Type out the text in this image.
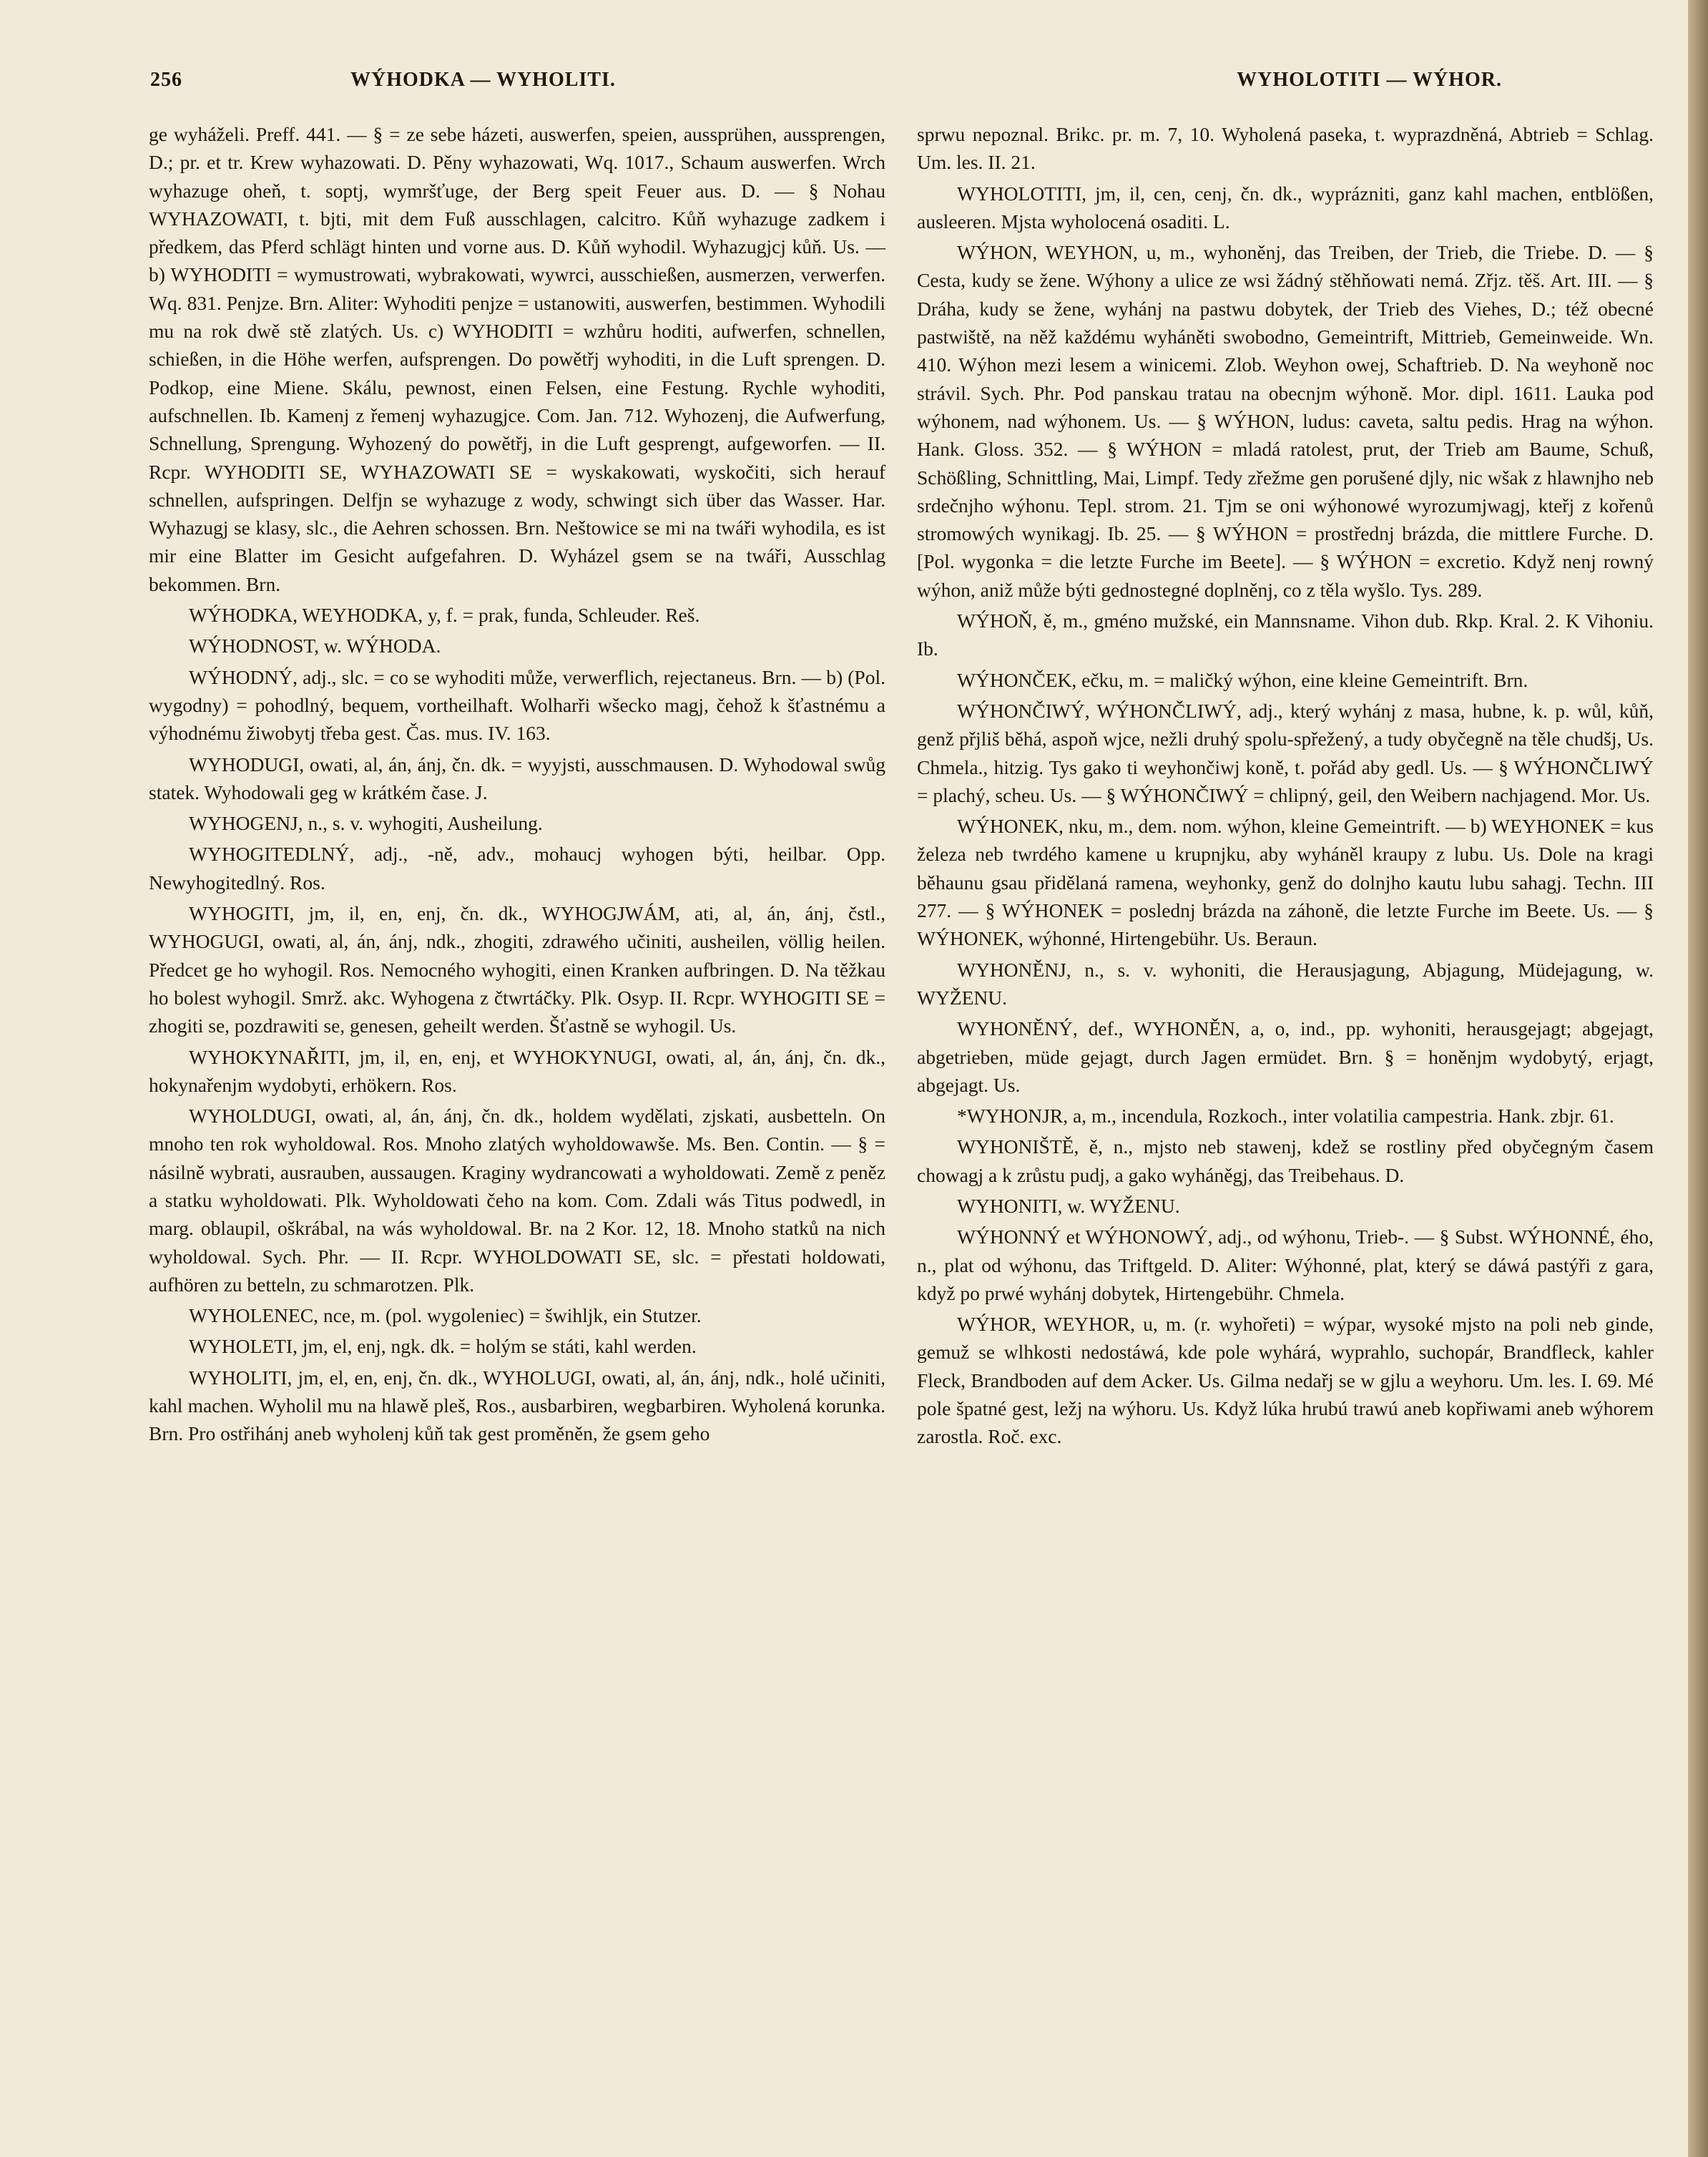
256	WÝHODKA — WYHOLITI.	WYHOLOTITI — WÝHOR.

ge wyháželi. Preff. 441. — § = ze sebe házeti, auswerfen, speien, aussprühen, aussprengen, D.; pr. et tr. Krew wyhazowati. D. Pěny wyhazowati, Wq. 1017., Schaum auswerfen. Wrch wyhazuge oheň, t. soptj, wymršťuge, der Berg speit Feuer aus. D. — § Nohau WYHAZOWATI, t. bjti, mit dem Fuß ausschlagen, calcitro. Kůň wyhazuge zadkem i předkem, das Pferd schlägt hinten und vorne aus. D. Kůň wyhodil. Wyhazugjcj kůň. Us. — b) WYHODITI = wymustrowati, wybrakowati, wywrci, ausschießen, ausmerzen, verwerfen. Wq. 831. Penjze. Brn. Aliter: Wyhoditi penjze = ustanowiti, auswerfen, bestimmen. Wyhodili mu na rok dwě stě zlatých. Us. c) WYHODITI = wzhůru hoditi, aufwerfen, schnellen, schießen, in die Höhe werfen, aufsprengen. Do powětřj wyhoditi, in die Luft sprengen. D. Podkop, eine Miene. Skálu, pewnost, einen Felsen, eine Festung. Rychle wyhoditi, aufschnellen. Ib. Kamenj z řemenj wyhazugjce. Com. Jan. 712. Wyhozenj, die Aufwerfung, Schnellung, Sprengung. Wyhozený do powětřj, in die Luft gesprengt, aufgeworfen. — II. Rcpr. WYHODITI SE, WYHAZOWATI SE = wyskakowati, wyskočiti, sich herauf schnellen, aufspringen. Delfjn se wyhazuge z wody, schwingt sich über das Wasser. Har. Wyhazugj se klasy, slc., die Aehren schossen. Brn. Neštowice se mi na twáři wyhodila, es ist mir eine Blatter im Gesicht aufgefahren. D. Wyházel gsem se na twáři, Ausschlag bekommen. Brn.

WÝHODKA, WEYHODKA, y, f. = prak, funda, Schleuder. Reš.

WÝHODNOST, w. WÝHODA.

WÝHODNÝ, adj., slc. = co se wyhoditi může, verwerflich, rejectaneus. Brn. — b) (Pol. wygodny) = pohodlný, bequem, vortheilhaft. Wolharři wšecko magj, čehož k šťastnému a výhodnému žiwobytj třeba gest. Čas. mus. IV. 163.

WYHODUGI, owati, al, án, ánj, čn. dk. = wyyjsti, ausschmausen. D. Wyhodowal swůg statek. Wyhodowali geg w krátkém čase. J.

WYHOGENJ, n., s. v. wyhogiti, Ausheilung.

WYHOGITEDLNÝ, adj., -ně, adv., mohaucj wyhogen býti, heilbar. Opp. Newyhogitedlný. Ros.

WYHOGITI, jm, il, en, enj, čn. dk., WYHOGJWÁM, ati, al, án, ánj, čstl., WYHOGUGI, owati, al, án, ánj, ndk., zhogiti, zdrawého učiniti, ausheilen, völlig heilen. Předcet ge ho wyhogil. Ros. Nemocného wyhogiti, einen Kranken aufbringen. D. Na těžkau ho bolest wyhogil. Smrž. akc. Wyhogena z čtwrtáčky. Plk. Osyp. II. Rcpr. WYHOGITI SE = zhogiti se, pozdrawiti se, genesen, geheilt werden. Šťastně se wyhogil. Us.

WYHOKYNAŘITI, jm, il, en, enj, et WYHOKYNUGI, owati, al, án, ánj, čn. dk., hokynařenjm wydobyti, erhökern. Ros.

WYHOLDUGI, owati, al, án, ánj, čn. dk., holdem wydělati, zjskati, ausbetteln. On mnoho ten rok wyholdowal. Ros. Mnoho zlatých wyholdowawše. Ms. Ben. Contin. — § = násilně wybrati, ausrauben, aussaugen. Kraginy wydrancowati a wyholdowati. Země z peněz a statku wyholdowati. Plk. Wyholdowati čeho na kom. Com. Zdali wás Titus podwedl, in marg. oblaupil, oškrábal, na wás wyholdowal. Br. na 2 Kor. 12, 18. Mnoho statků na nich wyholdowal. Sych. Phr. — II. Rcpr. WYHOLDOWATI SE, slc. = přestati holdowati, aufhören zu betteln, zu schmarotzen. Plk.

WYHOLENEC, nce, m. (pol. wygoleniec) = šwihljk, ein Stutzer.

WYHOLETI, jm, el, enj, ngk. dk. = holým se státi, kahl werden.

WYHOLITI, jm, el, en, enj, čn. dk., WYHOLUGI, owati, al, án, ánj, ndk., holé učiniti, kahl machen. Wyholil mu na hlawě pleš, Ros., ausbarbiren, wegbarbiren. Wyholená korunka. Brn. Pro ostřihánj aneb wyholenj kůň tak gest proměněn, že gsem geho

sprwu nepoznal. Brikc. pr. m. 7, 10. Wyholená paseka, t. wyprazdněná, Abtrieb = Schlag. Um. les. II. 21.

WYHOLOTITI, jm, il, cen, cenj, čn. dk., wyprázniti, ganz kahl machen, entblößen, ausleeren. Mjsta wyholocená osaditi. L.

WÝHON, WEYHON, u, m., wyhoněnj, das Treiben, der Trieb, die Triebe. D. — § Cesta, kudy se žene. Wýhony a ulice ze wsi žádný stěhňowati nemá. Zřjz. těš. Art. III. — § Dráha, kudy se žene, wyhánj na pastwu dobytek, der Trieb des Viehes, D.; též obecné pastwiště, na něž každému wyháněti swobodno, Gemeintrift, Mittrieb, Gemeinweide. Wn. 410. Wýhon mezi lesem a winicemi. Zlob. Weyhon owej, Schaftrieb. D. Na weyhoně noc strávil. Sych. Phr. Pod panskau tratau na obecnjm wýhoně. Mor. dipl. 1611. Lauka pod wýhonem, nad wýhonem. Us. — § WÝHON, ludus: caveta, saltu pedis. Hrag na wýhon. Hank. Gloss. 352. — § WÝHON = mladá ratolest, prut, der Trieb am Baume, Schuß, Schößling, Schnittling, Mai, Limpf. Tedy zřežme gen porušené djly, nic wšak z hlawnjho neb srdečnjho wýhonu. Tepl. strom. 21. Tjm se oni wýhonowé wyrozumjwagj, kteřj z kořenů stromowých wynikagj. Ib. 25. — § WÝHON = prostřednj brázda, die mittlere Furche. D. [Pol. wygonka = die letzte Furche im Beete]. — § WÝHON = excretio. Když nenj rowný wýhon, aniž může býti gednostegné doplněnj, co z těla wyšlo. Tys. 289.

WÝHOŇ, ě, m., gméno mužské, ein Mannsname. Vihon dub. Rkp. Kral. 2. K Vihoniu. Ib.

WÝHONČEK, ečku, m. = maličký wýhon, eine kleine Gemeintrift. Brn.

WÝHONČIWÝ, WÝHONČLIWÝ, adj., který wyhánj z masa, hubne, k. p. wůl, kůň, genž přjliš běhá, aspoň wjce, nežli druhý spolu-spřežený, a tudy obyčegně na těle chudšj, Us. Chmela., hitzig. Tys gako ti weyhončiwj koně, t. pořád aby gedl. Us. — § WÝHONČLIWÝ = plachý, scheu. Us. — § WÝHONČIWÝ = chlipný, geil, den Weibern nachjagend. Mor. Us.

WÝHONEK, nku, m., dem. nom. wýhon, kleine Gemeintrift. — b) WEYHONEK = kus železa neb twrdého kamene u krupnjku, aby wyháněl kraupy z lubu. Us. Dole na kragi běhaunu gsau přidělaná ramena, weyhonky, genž do dolnjho kautu lubu sahagj. Techn. III 277. — § WÝHONEK = poslednj brázda na záhoně, die letzte Furche im Beete. Us. — § WÝHONEK, wýhonné, Hirtengebühr. Us. Beraun.

WYHONĚNJ, n., s. v. wyhoniti, die Herausjagung, Abjagung, Müdejagung, w. WYŽENU.

WYHONĚNÝ, def., WYHONĚN, a, o, ind., pp. wyhoniti, herausgejagt; abgejagt, abgetrieben, müde gejagt, durch Jagen ermüdet. Brn. § = honěnjm wydobytý, erjagt, abgejagt. Us.

*WYHONJR, a, m., incendula, Rozkoch., inter volatilia campestria. Hank. zbjr. 61.

WYHONIŠTĚ, ě, n., mjsto neb stawenj, kdež se rostliny před obyčegným časem chowagj a k zrůstu pudj, a gako wyháněgj, das Treibehaus. D.

WYHONITI, w. WYŽENU.

WÝHONNÝ et WÝHONOWÝ, adj., od wýhonu, Trieb-. — § Subst. WÝHONNÉ, ého, n., plat od wýhonu, das Triftgeld. D. Aliter: Wýhonné, plat, který se dáwá pastýři z gara, když po prwé wyhánj dobytek, Hirtengebühr. Chmela.

WÝHOR, WEYHOR, u, m. (r. wyhořeti) = wýpar, wysoké mjsto na poli neb ginde, gemuž se wlhkosti nedostáwá, kde pole wyhárá, wyprahlo, suchopár, Brandfleck, kahler Fleck, Brandboden auf dem Acker. Us. Gilma nedařj se w gjlu a weyhoru. Um. les. I. 69. Mé pole špatné gest, ležj na wýhoru. Us. Když lúka hrubú trawú aneb kopřiwami aneb wýhorem zarostla. Roč. exc.
